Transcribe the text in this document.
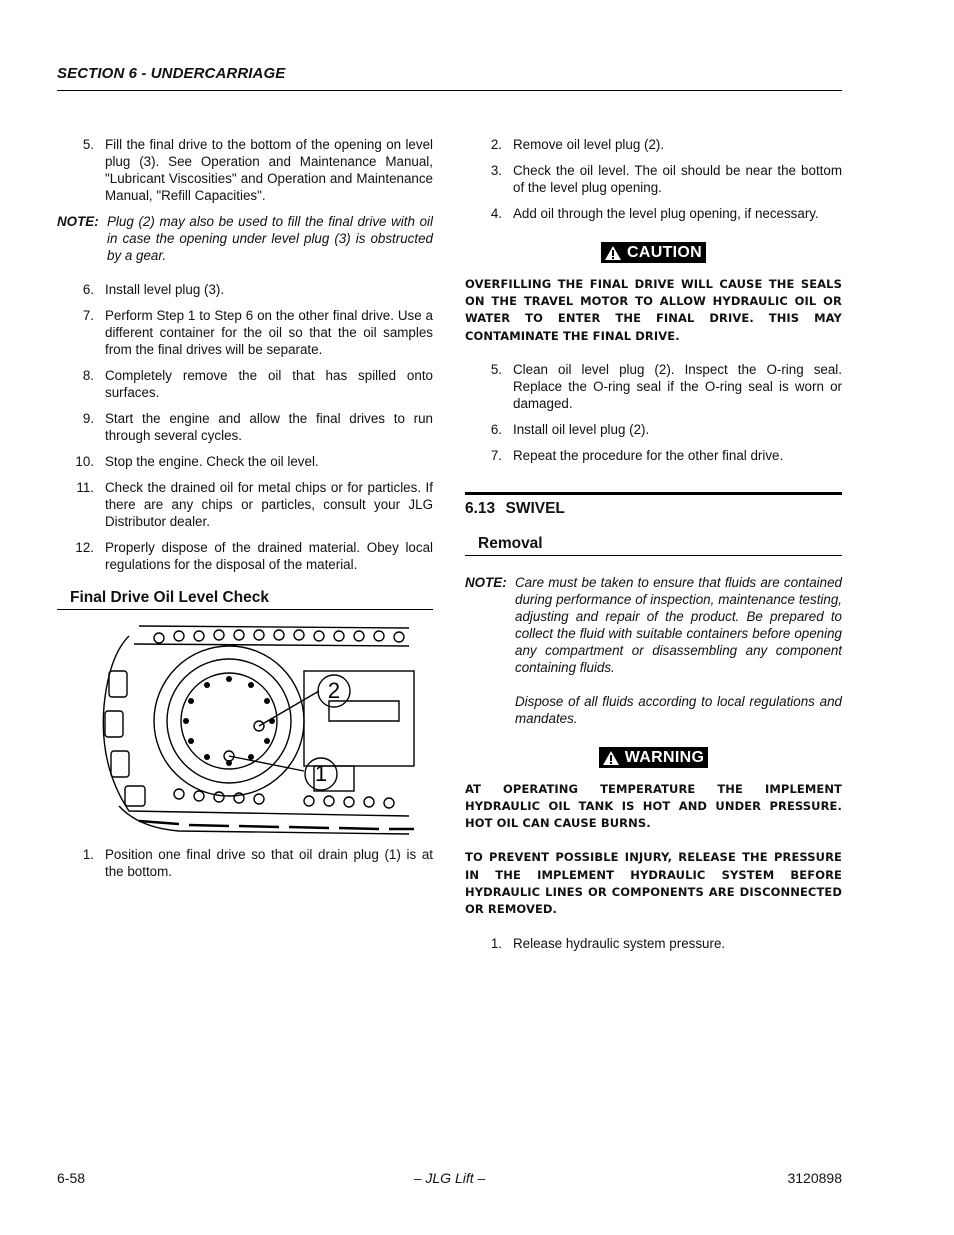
SECTION 6 - UNDERCARRIAGE
5. Fill the final drive to the bottom of the opening on level plug (3). See Operation and Maintenance Manual, "Lubricant Viscosities" and Operation and Maintenance Manual, "Refill Capacities".
NOTE: Plug (2) may also be used to fill the final drive with oil in case the opening under level plug (3) is obstructed by a gear.
6. Install level plug (3).
7. Perform Step 1 to Step 6 on the other final drive. Use a different container for the oil so that the oil samples from the final drives will be separate.
8. Completely remove the oil that has spilled onto surfaces.
9. Start the engine and allow the final drives to run through several cycles.
10. Stop the engine. Check the oil level.
11. Check the drained oil for metal chips or for particles. If there are any chips or particles, consult your JLG Distributor dealer.
12. Properly dispose of the drained material. Obey local regulations for the disposal of the material.
Final Drive Oil Level Check
2
1
1. Position one final drive so that oil drain plug (1) is at the bottom.
2. Remove oil level plug (2).
3. Check the oil level. The oil should be near the bottom of the level plug opening.
4. Add oil through the level plug opening, if necessary.
CAUTION
OVERFILLING THE FINAL DRIVE WILL CAUSE THE SEALS ON THE TRAVEL MOTOR TO ALLOW HYDRAULIC OIL OR WATER TO ENTER THE FINAL DRIVE. THIS MAY CONTAMINATE THE FINAL DRIVE.
5. Clean oil level plug (2). Inspect the O-ring seal. Replace the O-ring seal if the O-ring seal is worn or damaged.
6. Install oil level plug (2).
7. Repeat the procedure for the other final drive.
6.13 SWIVEL
Removal
NOTE: Care must be taken to ensure that fluids are contained during performance of inspection, maintenance testing, adjusting and repair of the product. Be prepared to collect the fluid with suitable containers before opening any compartment or disassembling any component containing fluids.

Dispose of all fluids according to local regulations and mandates.

WARNING
AT OPERATING TEMPERATURE THE IMPLEMENT HYDRAULIC OIL TANK IS HOT AND UNDER PRESSURE. HOT OIL CAN CAUSE BURNS.
TO PREVENT POSSIBLE INJURY, RELEASE THE PRESSURE IN THE IMPLEMENT HYDRAULIC SYSTEM BEFORE HYDRAULIC LINES OR COMPONENTS ARE DISCONNECTED OR REMOVED.
1. Release hydraulic system pressure.
6-58	– JLG Lift –	3120898
